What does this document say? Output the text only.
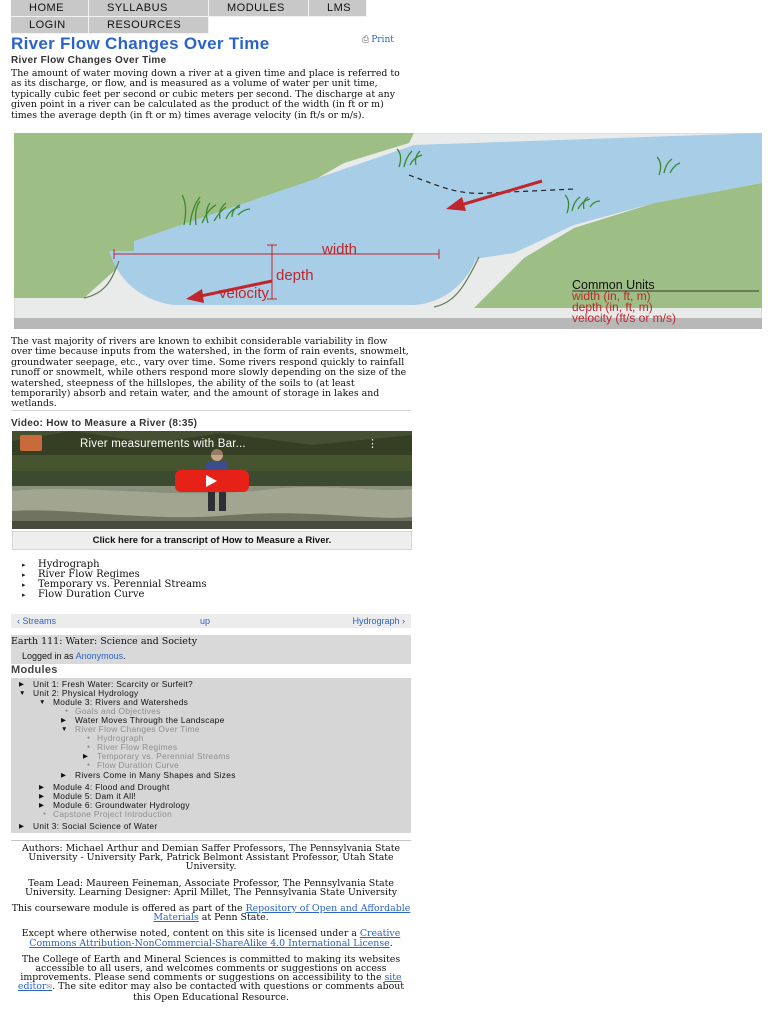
HOME	SYLLABUS	MODULES	LMS
LOGIN	RESOURCES
River Flow Changes Over Time	⎙ Print
River Flow Changes Over Time

The amount of water moving down a river at a given time and place is referred to as its discharge, or flow, and is measured as a volume of water per unit time, typically cubic feet per second or cubic meters per second. The discharge at any given point in a river can be calculated as the product of the width (in ft or m) times the average depth (in ft or m) times average velocity (in ft/s or m/s).

width
depth
velocity	Common Units
width (in, ft, m)
depth (in, ft, m)
velocity (ft/s or m/s)

The vast majority of rivers are known to exhibit considerable variability in flow over time because inputs from the watershed, in the form of rain events, snowmelt, groundwater seepage, etc., vary over time. Some rivers respond quickly to rainfall runoff or snowmelt, while others respond more slowly depending on the size of the watershed, steepness of the hillslopes, the ability of the soils to (at least temporarily) absorb and retain water, and the amount of storage in lakes and wetlands.

Video: How to Measure a River (8:35)
River measurements with Bar...	⋮
Click here for a transcript of How to Measure a River.
▸	Hydrograph
▸	River Flow Regimes
▸	Temporary vs. Perennial Streams
▸	Flow Duration Curve
‹ Streams	up	Hydrograph ›
Earth 111: Water: Science and Society
Logged in as Anonymous.
Modules
▶	Unit 1: Fresh Water: Scarcity or Surfeit?
▼ Unit 2: Physical Hydrology
▼ Module 3: Rivers and Watersheds
● Goals and Objectives
▶	Water Moves Through the Landscape
▼ River Flow Changes Over Time
● Hydrograph
● River Flow Regimes
▶	Temporary vs. Perennial Streams
● Flow Duration Curve
▶	Rivers Come in Many Shapes and Sizes
▶	Module 4: Flood and Drought
▶	Module 5: Dam it All!
▶	Module 6: Groundwater Hydrology
● Capstone Project Introduction
▶	Unit 3: Social Science of Water

Authors: Michael Arthur and Demian Saffer Professors, The Pennsylvania State University - University Park, Patrick Belmont Assistant Professor, Utah State University.

Team Lead: Maureen Feineman, Associate Professor, The Pennsylvania State University. Learning Designer: April Millet, The Pennsylvania State University

This courseware module is offered as part of the Repository of Open and Affordable Materials at Penn State.

Except where otherwise noted, content on this site is licensed under a Creative Commons Attribution-NonCommercial-ShareAlike 4.0 International License.

The College of Earth and Mineral Sciences is committed to making its websites accessible to all users, and welcomes comments or suggestions on access improvements. Please send comments or suggestions on accessibility to the site editor✉. The site editor may also be contacted with questions or comments about this Open Educational Resource.
